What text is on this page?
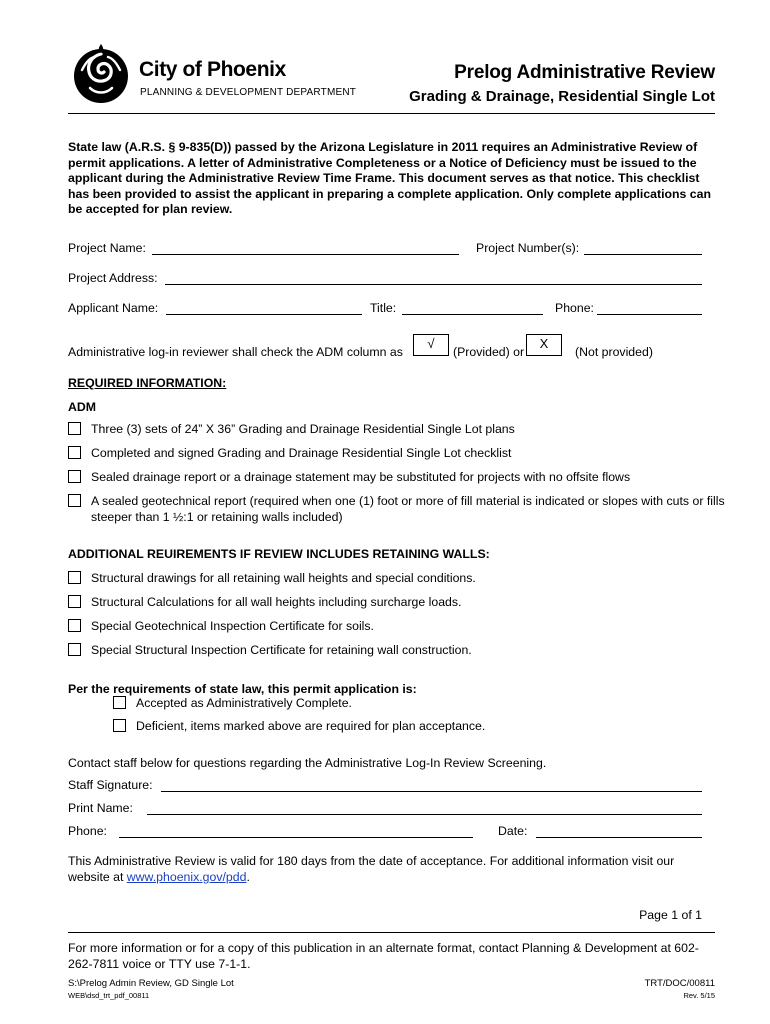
City of Phoenix
PLANNING & DEVELOPMENT DEPARTMENT
Prelog Administrative Review
Grading & Drainage, Residential Single Lot
State law (A.R.S. § 9-835(D)) passed by the Arizona Legislature in 2011 requires an Administrative Review of permit applications. A letter of Administrative Completeness or a Notice of Deficiency must be issued to the applicant during the Administrative Review Time Frame. This document serves as that notice. This checklist has been provided to assist the applicant in preparing a complete application. Only complete applications can be accepted for plan review.
Project Name:	Project Number(s):
Project Address:
Applicant Name:	Title:	Phone:
Administrative log-in reviewer shall check the ADM column as
√
(Provided) or
X
(Not provided)
REQUIRED INFORMATION:
ADM
Three (3) sets of 24” X 36” Grading and Drainage Residential Single Lot plans
Completed and signed Grading and Drainage Residential Single Lot checklist
Sealed drainage report or a drainage statement may be substituted for projects with no offsite flows
A sealed geotechnical report (required when one (1) foot or more of fill material is indicated or slopes with cuts or fills steeper than 1 ½:1 or retaining walls included)
ADDITIONAL REUIREMENTS IF REVIEW INCLUDES RETAINING WALLS:
Structural drawings for all retaining wall heights and special conditions.
Structural Calculations for all wall heights including surcharge loads.
Special Geotechnical Inspection Certificate for soils.
Special Structural Inspection Certificate for retaining wall construction.
Per the requirements of state law, this permit application is:
Accepted as Administratively Complete.
Deficient, items marked above are required for plan acceptance.
Contact staff below for questions regarding the Administrative Log-In Review Screening.
Staff Signature:
Print Name:
Phone:	Date:
This Administrative Review is valid for 180 days from the date of acceptance. For additional information visit our website at www.phoenix.gov/pdd.
Page 1 of 1
For more information or for a copy of this publication in an alternate format, contact Planning & Development at 602-262-7811 voice or TTY use 7-1-1.
S:\Prelog Admin Review, GD Single Lot
WEB\dsd_trt_pdf_00811
TRT/DOC/00811
Rev. 5/15
